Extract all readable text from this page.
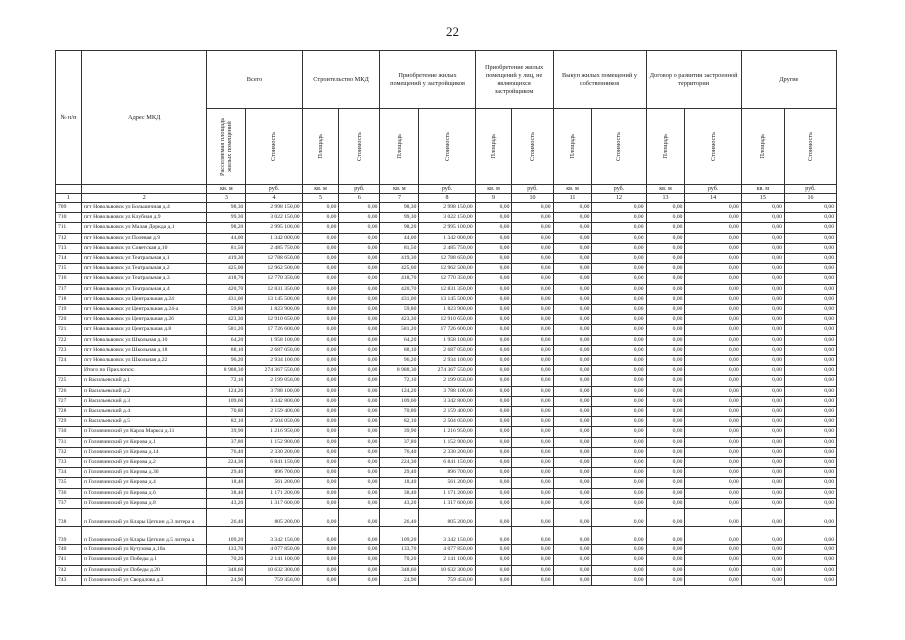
22
№ п/п	Адрес МКД	Всего		Строительство МКД		Приобретение жилых помещений у застройщиков		Приобретение жилых помещений у лиц, не являющихся застройщиком		Выкуп жилых помещений у собственников		Договор о развитии застроенной территории		Другие	

		Расселяемая площадь жилых помещений	Стоимость	Площадь	Стоимость	Площадь	Стоимость	Площадь	Стоимость	Площадь	Стоимость	Площадь	Стоимость	Площадь	Стоимость

		кв. м	руб.	кв. м	руб.	кв. м	руб.	кв. м	руб.	кв. м	руб.	кв. м	руб.	кв. м	руб.
1	2	3	4	5	6	7	8	9	10	11	12	13	14	15	16
709	пгт Новольвовск ул Большичная д.4	98,30	2 998 150,00	0,00	0,00	98,30	2 998 150,00	0,00	0,00	0,00	0,00	0,00	0,00	0,00	0,00
710	пгт Новольвовск ул Клубная д.9	99,30	3 022 150,00	0,00	0,00	99,30	3 022 150,00	0,00	0,00	0,00	0,00	0,00	0,00	0,00	0,00
711	пгт Новольвовск ул Малая Доркда д.1	98,20	2 995 100,00	0,00	0,00	98,20	2 995 100,00	0,00	0,00	0,00	0,00	0,00	0,00	0,00	0,00
712	пгт Новольвовск ул Полевая д.9	44,00	1 342 000,00	0,00	0,00	44,00	1 342 000,00	0,00	0,00	0,00	0,00	0,00	0,00	0,00	0,00
713	пгт Новольвовск ул Советская д.10	81,50	2 485 750,00	0,00	0,00	81,50	2 485 750,00	0,00	0,00	0,00	0,00	0,00	0,00	0,00	0,00
714	пгт Новольвовск ул Театральная д.1	419,30	12 788 650,00	0,00	0,00	419,30	12 788 650,00	0,00	0,00	0,00	0,00	0,00	0,00	0,00	0,00
715	пгт Новольвовск ул Театральная д.2	425,00	12 962 500,00	0,00	0,00	425,00	12 962 500,00	0,00	0,00	0,00	0,00	0,00	0,00	0,00	0,00
716	пгт Новольвовск ул Театральная д.3	418,70	12 770 350,00	0,00	0,00	418,70	12 770 350,00	0,00	0,00	0,00	0,00	0,00	0,00	0,00	0,00
717	пгт Новольвовск ул Театральная д.4	420,70	12 831 350,00	0,00	0,00	420,70	12 831 350,00	0,00	0,00	0,00	0,00	0,00	0,00	0,00	0,00
718	пгт Новольвовск ул Центральная д.24	431,00	13 145 500,00	0,00	0,00	431,00	13 145 500,00	0,00	0,00	0,00	0,00	0,00	0,00	0,00	0,00
719	пгт Новольвовск ул Центральная д.24-а	59,80	1 823 900,00	0,00	0,00	59,80	1 823 900,00	0,00	0,00	0,00	0,00	0,00	0,00	0,00	0,00
720	пгт Новольвовск ул Центральная д.26	423,30	12 910 650,00	0,00	0,00	423,30	12 910 650,00	0,00	0,00	0,00	0,00	0,00	0,00	0,00	0,00
721	пгт Новольвовск ул Центральная д.8	581,20	17 726 600,00	0,00	0,00	581,20	17 726 600,00	0,00	0,00	0,00	0,00	0,00	0,00	0,00	0,00
722	пгт Новольвовск ул Школьная д.10	64,20	1 958 100,00	0,00	0,00	64,20	1 958 100,00	0,00	0,00	0,00	0,00	0,00	0,00	0,00	0,00
723	пгт Новольвовск ул Школьная д.18	88,10	2 687 050,00	0,00	0,00	88,10	2 687 050,00	0,00	0,00	0,00	0,00	0,00	0,00	0,00	0,00
724	пгт Новольвовск ул Школьная д.22	96,20	2 934 100,00	0,00	0,00	96,20	2 934 100,00	0,00	0,00	0,00	0,00	0,00	0,00	0,00	0,00
	Итого по Прихлопск:	8 988,30	274 367 550,00	0,00	0,00	8 988,30	274 367 550,00	0,00	0,00	0,00	0,00	0,00	0,00	0,00	0,00
725	п Васильевский д.1	72,10	2 199 050,00	0,00	0,00	72,10	2 199 050,00	0,00	0,00	0,00	0,00	0,00	0,00	0,00	0,00
726	п Васильевский д.2	124,20	3 788 100,00	0,00	0,00	124,20	3 788 100,00	0,00	0,00	0,00	0,00	0,00	0,00	0,00	0,00
727	п Васильевский д.3	109,60	3 342 800,00	0,00	0,00	109,60	3 342 800,00	0,00	0,00	0,00	0,00	0,00	0,00	0,00	0,00
728	п Васильевский д.4	70,80	2 159 400,00	0,00	0,00	70,80	2 159 400,00	0,00	0,00	0,00	0,00	0,00	0,00	0,00	0,00
729	п Васильевский д.5	82,10	2 504 050,00	0,00	0,00	82,10	2 504 050,00	0,00	0,00	0,00	0,00	0,00	0,00	0,00	0,00
730	п Головчинский ул Карла Маркса д.11	39,90	1 216 950,00	0,00	0,00	39,90	1 216 950,00	0,00	0,00	0,00	0,00	0,00	0,00	0,00	0,00
731	п Головчинский ул Кирова д.1	37,80	1 152 900,00	0,00	0,00	37,80	1 152 900,00	0,00	0,00	0,00	0,00	0,00	0,00	0,00	0,00
732	п Головчинский ул Кирова д.14	76,40	2 330 200,00	0,00	0,00	76,40	2 330 200,00	0,00	0,00	0,00	0,00	0,00	0,00	0,00	0,00
733	п Головчинский ул Кирова д.2	224,30	6 841 150,00	0,00	0,00	224,30	6 841 150,00	0,00	0,00	0,00	0,00	0,00	0,00	0,00	0,00
734	п Головчинский ул Кирова д.30	29,40	896 700,00	0,00	0,00	29,40	896 700,00	0,00	0,00	0,00	0,00	0,00	0,00	0,00	0,00
735	п Головчинский ул Кирова д.4	18,40	561 200,00	0,00	0,00	18,40	561 200,00	0,00	0,00	0,00	0,00	0,00	0,00	0,00	0,00
736	п Головчинский ул Кирова д.6	38,40	1 171 200,00	0,00	0,00	38,40	1 171 200,00	0,00	0,00	0,00	0,00	0,00	0,00	0,00	0,00
737	п Головчинский ул Кирова д.8	43,20	1 317 600,00	0,00	0,00	43,20	1 317 600,00	0,00	0,00	0,00	0,00	0,00	0,00	0,00	0,00
738	п Головчинский ул Клары Цеткин д.3 литера а	26,40	805 200,00	0,00	0,00	26,40	805 200,00	0,00	0,00	0,00	0,00	0,00	0,00	0,00	0,00
739	п Головчинский ул Клары Цеткин д.5 литера а	109,20	3 342 150,00	0,00	0,00	109,20	3 342 150,00	0,00	0,00	0,00	0,00	0,00	0,00	0,00	0,00
740	п Головчинский ул Кутузова д.10а	133,70	4 077 850,00	0,00	0,00	133,70	4 077 850,00	0,00	0,00	0,00	0,00	0,00	0,00	0,00	0,00
741	п Головчинский ул Победы д.1	70,20	2 141 100,00	0,00	0,00	70,20	2 141 100,00	0,00	0,00	0,00	0,00	0,00	0,00	0,00	0,00
742	п Головчинский ул Победы д.20	348,60	10 632 300,00	0,00	0,00	348,60	10 632 300,00	0,00	0,00	0,00	0,00	0,00	0,00	0,00	0,00
743	п Головчинский ул Свердлова д.3	24,90	759 450,00	0,00	0,00	24,90	759 450,00	0,00	0,00	0,00	0,00	0,00	0,00	0,00	0,00
